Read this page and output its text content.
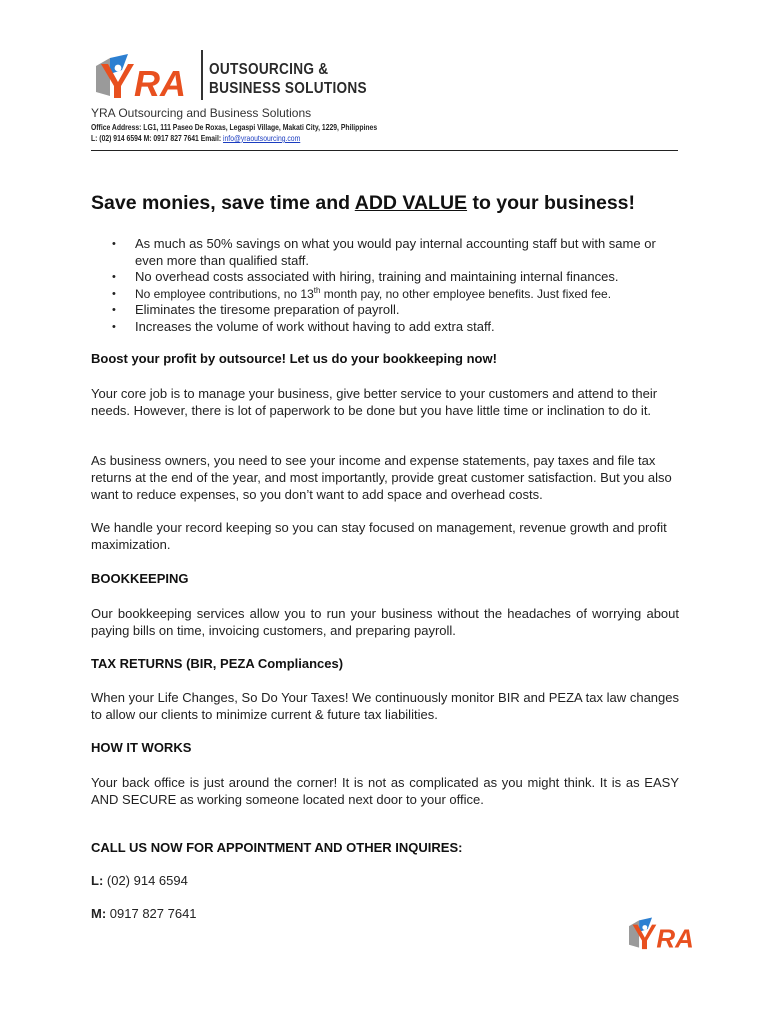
RA OUTSOURCING &
BUSINESS SOLUTIONS
YRA Outsourcing and Business Solutions
Office Address: LG1, 111 Paseo De Roxas, Legaspi Village, Makati City, 1229, Philippines
L: (02) 914 6594 M: 0917 827 7641 Email: info@yraoutsourcing.com
Save monies, save time and ADD VALUE to your business!
• As much as 50% savings on what you would pay internal accounting staff but with same or even more than qualified staff.
• No overhead costs associated with hiring, training and maintaining internal finances.
• No employee contributions, no 13th month pay, no other employee benefits. Just fixed fee.
• Eliminates the tiresome preparation of payroll.
• Increases the volume of work without having to add extra staff.
Boost your profit by outsource! Let us do your bookkeeping now!
Your core job is to manage your business, give better service to your customers and attend to their needs. However, there is lot of paperwork to be done but you have little time or inclination to do it.
As business owners, you need to see your income and expense statements, pay taxes and file tax returns at the end of the year, and most importantly, provide great customer satisfaction. But you also want to reduce expenses, so you don’t want to add space and overhead costs.
We handle your record keeping so you can stay focused on management, revenue growth and profit maximization.
BOOKKEEPING
Our bookkeeping services allow you to run your business without the headaches of worrying about paying bills on time, invoicing customers, and preparing payroll.
TAX RETURNS (BIR, PEZA Compliances)
When your Life Changes, So Do Your Taxes! We continuously monitor BIR and PEZA tax law changes to allow our clients to minimize current & future tax liabilities.
HOW IT WORKS
Your back office is just around the corner! It is not as complicated as you might think. It is as EASY AND SECURE as working someone located next door to your office.
CALL US NOW FOR APPOINTMENT AND OTHER INQUIRES:
L: (02) 914 6594
M: 0917 827 7641
RA
